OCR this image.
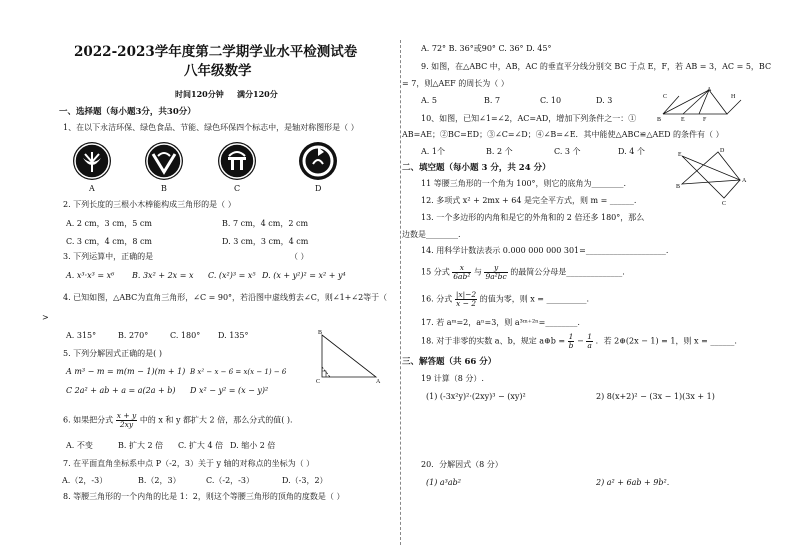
2022-2023学年度第二学期学业水平检测试卷
八年级数学
时间120分钟 满分120分
一、选择题（每小题3分，共30分）
1、在以下永洁环保、绿色食品、节能、绿色环保四个标志中，是轴对称图形是（ ）
A	B	C	D
2. 下列长度的三根小木棒能构成三角形的是（ ）
A. 2 cm，3 cm，5 cm	B. 7 cm，4 cm，2 cm
C. 3 cm，4 cm，8 cm	D. 3 cm，3 cm，4 cm
3. 下列运算中，正确的是	（ ）
A. x³·x³ = x⁶ B. 3x² + 2x = x C. (x²)³ = x⁵ D. (x + y²)² = x² + y⁴
4. 已知如图，△ABC为直角三角形，∠C = 90°，若沿图中虚线剪去∠C，则∠1+∠2等于（
>
B
C	A
A. 315°	B. 270°	C. 180° D. 135°
5. 下列分解因式正确的是( )
A m³ − m = m(m − 1)(m + 1) B x² − x − 6 = x(x − 1) − 6
C 2a² + ab + a = a(2a + b) D x² − y² = (x − y)²
6. 如果把分式 $\frac{x + y}{2xy}$ 中的 x 和 y 都扩大 2 倍，那么分式的值( ).
A. 不变	B. 扩大 2 倍 C. 扩大 4 倍 D. 缩小 2 倍
7. 在平面直角坐标系中点 P（-2，3）关于 y 轴的对称点的坐标为（ ）
A.（2，-3）	B.（2，3）	C.（-2，-3）	D.（-3，2）
8. 等腰三角形的一个内角的比是 1：2，则这个等腰三角形的顶角的度数是（ ）
A. 72° B. 36°或90° C. 36° D. 45°
9. 如图，在△ABC 中，AB，AC 的垂直平分线分别交 BC 于点 E，F，若 AB = 3，AC = 5，BC
= 7，则△AEF 的周长为（ ）
C
A
H
B	E	F
A. 5	B. 7	C. 10	D. 3
10、如图，已知∠1=∠2，AC=AD，增加下列条件之一：①
AB=AE；②BC=ED；③∠C=∠D；④∠B=∠E．其中能使△ABC≌△AED 的条件有（ ）
A. 1个	B. 2 个	C. 3 个	D. 4 个
二、填空题（每小题 3 分，共 24 分）
E
B
D
A
C
11 等腰三角形的一个角为 100°，则它的底角为________.
12. 多项式 x² + 2mx + 64 是完全平方式，则 m = ______.
13. 一个多边形的内角和是它的外角和的 2 倍还多 180°，那么
边数是________.
14. 用科学计数法表示 0.000 000 000 301=____________________.
15 分式 $\frac{x}{\text{6ab²}}$ 与 $\frac{y}{\text{9a²bc}}$ 的最简公分母是______________.
16. 分式 $\frac{|x|-2}{x - 2}$ 的值为零，则 x = __________.
17. 若 aᵐ=2，aⁿ=3，则 a³ᵐ⁺²ⁿ=________.
18. 对于非零的实数 a、b，规定 a⊕b = $\frac{1}{b} - \frac{1}{a}$ ．若 2⊕(2x − 1) = 1，则 x = ______.
三、解答题（共 66 分）
19 计算（8 分）.
(1) (-3x²y)²·(2xy)³ − (xy)²	2) 8(x+2)² − (3x − 1)(3x + 1)
20．分解因式（8 分）
(1) a³ab²	2) a² + 6ab + 9b².
